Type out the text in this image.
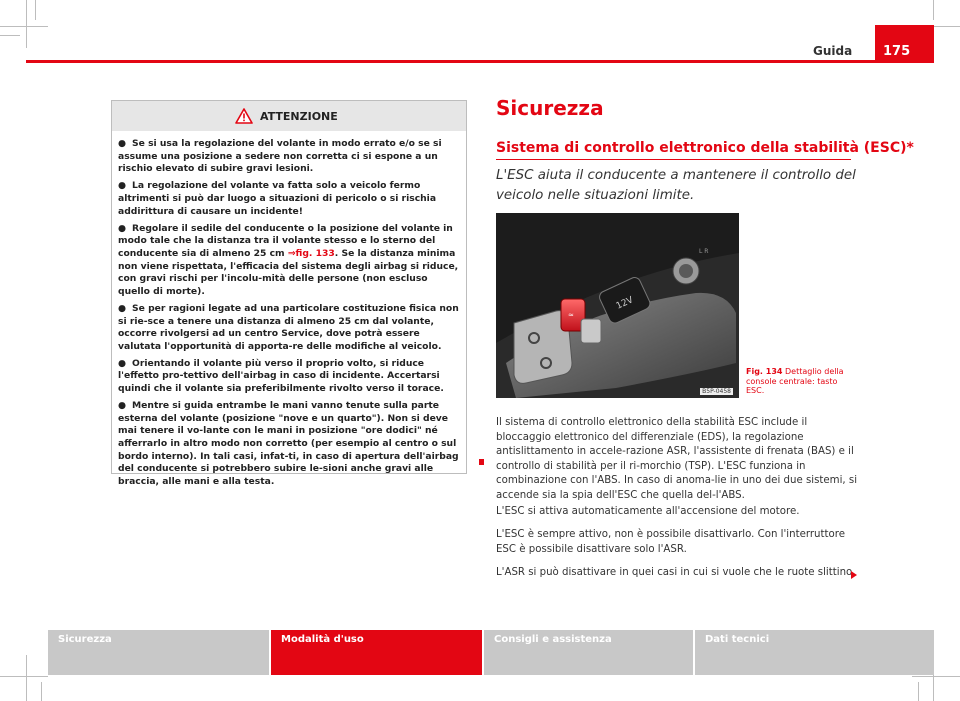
Guida	175
ATTENZIONE
● Se si usa la regolazione del volante in modo errato e/o se si assume una posizione a sedere non corretta ci si espone a un rischio elevato di subire gravi lesioni.
● La regolazione del volante va fatta solo a veicolo fermo altrimenti si può dar luogo a situazioni di pericolo o si rischia addirittura di causare un incidente!
● Regolare il sedile del conducente o la posizione del volante in modo tale che la distanza tra il volante stesso e lo sterno del conducente sia di almeno 25 cm ⇒fig. 133. Se la distanza minima non viene rispettata, l'efficacia del sistema degli airbag si riduce, con gravi rischi per l'incolu-mità delle persone (non escluso quello di morte).
● Se per ragioni legate ad una particolare costituzione fisica non si rie-sce a tenere una distanza di almeno 25 cm dal volante, occorre rivolgersi ad un centro Service, dove potrà essere valutata l'opportunità di apporta-re delle modifiche al veicolo.
● Orientando il volante più verso il proprio volto, si riduce l'effetto pro-tettivo dell'airbag in caso di incidente. Accertarsi quindi che il volante sia preferibilmente rivolto verso il torace.
● Mentre si guida entrambe le mani vanno tenute sulla parte esterna del volante (posizione "nove e un quarto"). Non si deve mai tenere il vo-lante con le mani in posizione "ore dodici" né afferrarlo in altro modo non corretto (per esempio al centro o sul bordo interno). In tali casi, infat-ti, in caso di apertura dell'airbag del conducente si potrebbero subire le-sioni anche gravi alle braccia, alle mani e alla testa.
Sicurezza
Sistema di controllo elettronico della stabilità (ESC)*
L'ESC aiuta il conducente a mantenere il controllo del veicolo nelle situazioni limite.
≈
12V
L R
B5P-0458
Fig. 134 Dettaglio della console centrale: tasto ESC.
Il sistema di controllo elettronico della stabilità ESC include il bloccaggio elettronico del differenziale (EDS), la regolazione antislittamento in accele-razione ASR, l'assistente di frenata (BAS) e il controllo di stabilità per il ri-morchio (TSP). L'ESC funziona in combinazione con l'ABS. In caso di anoma-lie in uno dei due sistemi, si accende sia la spia dell'ESC che quella del-l'ABS.
L'ESC si attiva automaticamente all'accensione del motore.
L'ESC è sempre attivo, non è possibile disattivarlo. Con l'interruttore ESC è possibile disattivare solo l'ASR.
L'ASR si può disattivare in quei casi in cui si vuole che le ruote slittino.
Sicurezza	Modalità d'uso	Consigli e assistenza	Dati tecnici
